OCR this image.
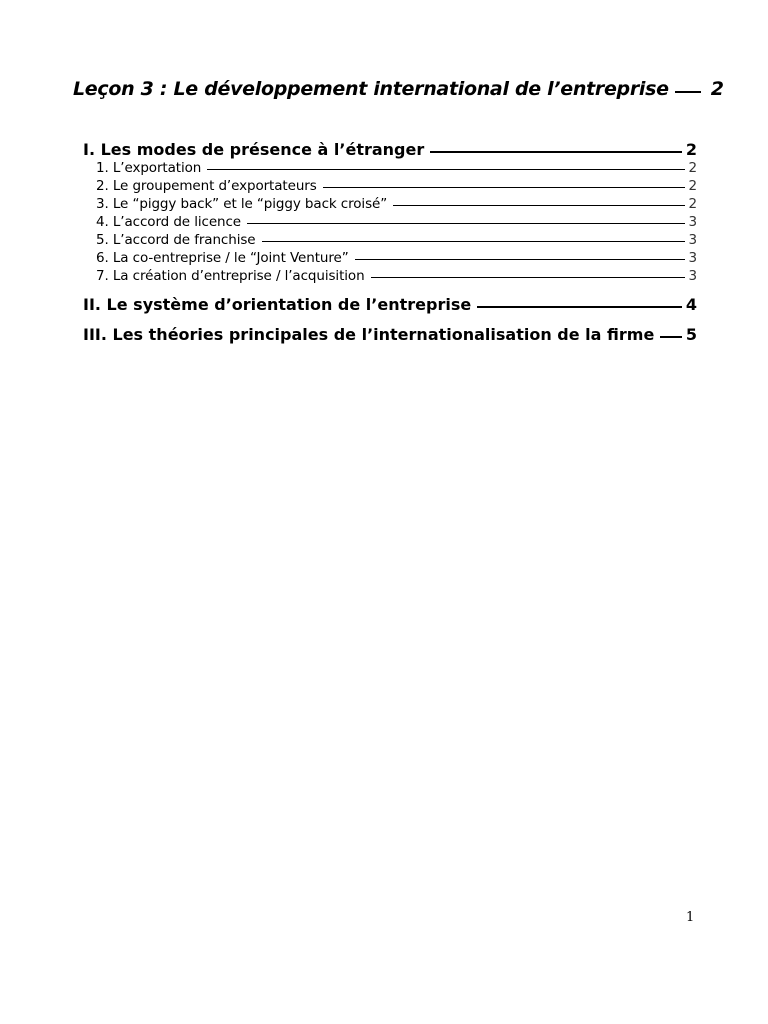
Leçon 3 : Le développement international de l’entreprise 2
I. Les modes de présence à l’étranger	2
1. L’exportation	2
2. Le groupement d’exportateurs	2
3. Le “piggy back” et le “piggy back croisé”	2
4. L’accord de licence	3
5. L’accord de franchise	3
6. La co-entreprise / le “Joint Venture”	3
7. La création d’entreprise / l’acquisition	3
II. Le système d’orientation de l’entreprise	4
III. Les théories principales de l’internationalisation de la firme 5
1
